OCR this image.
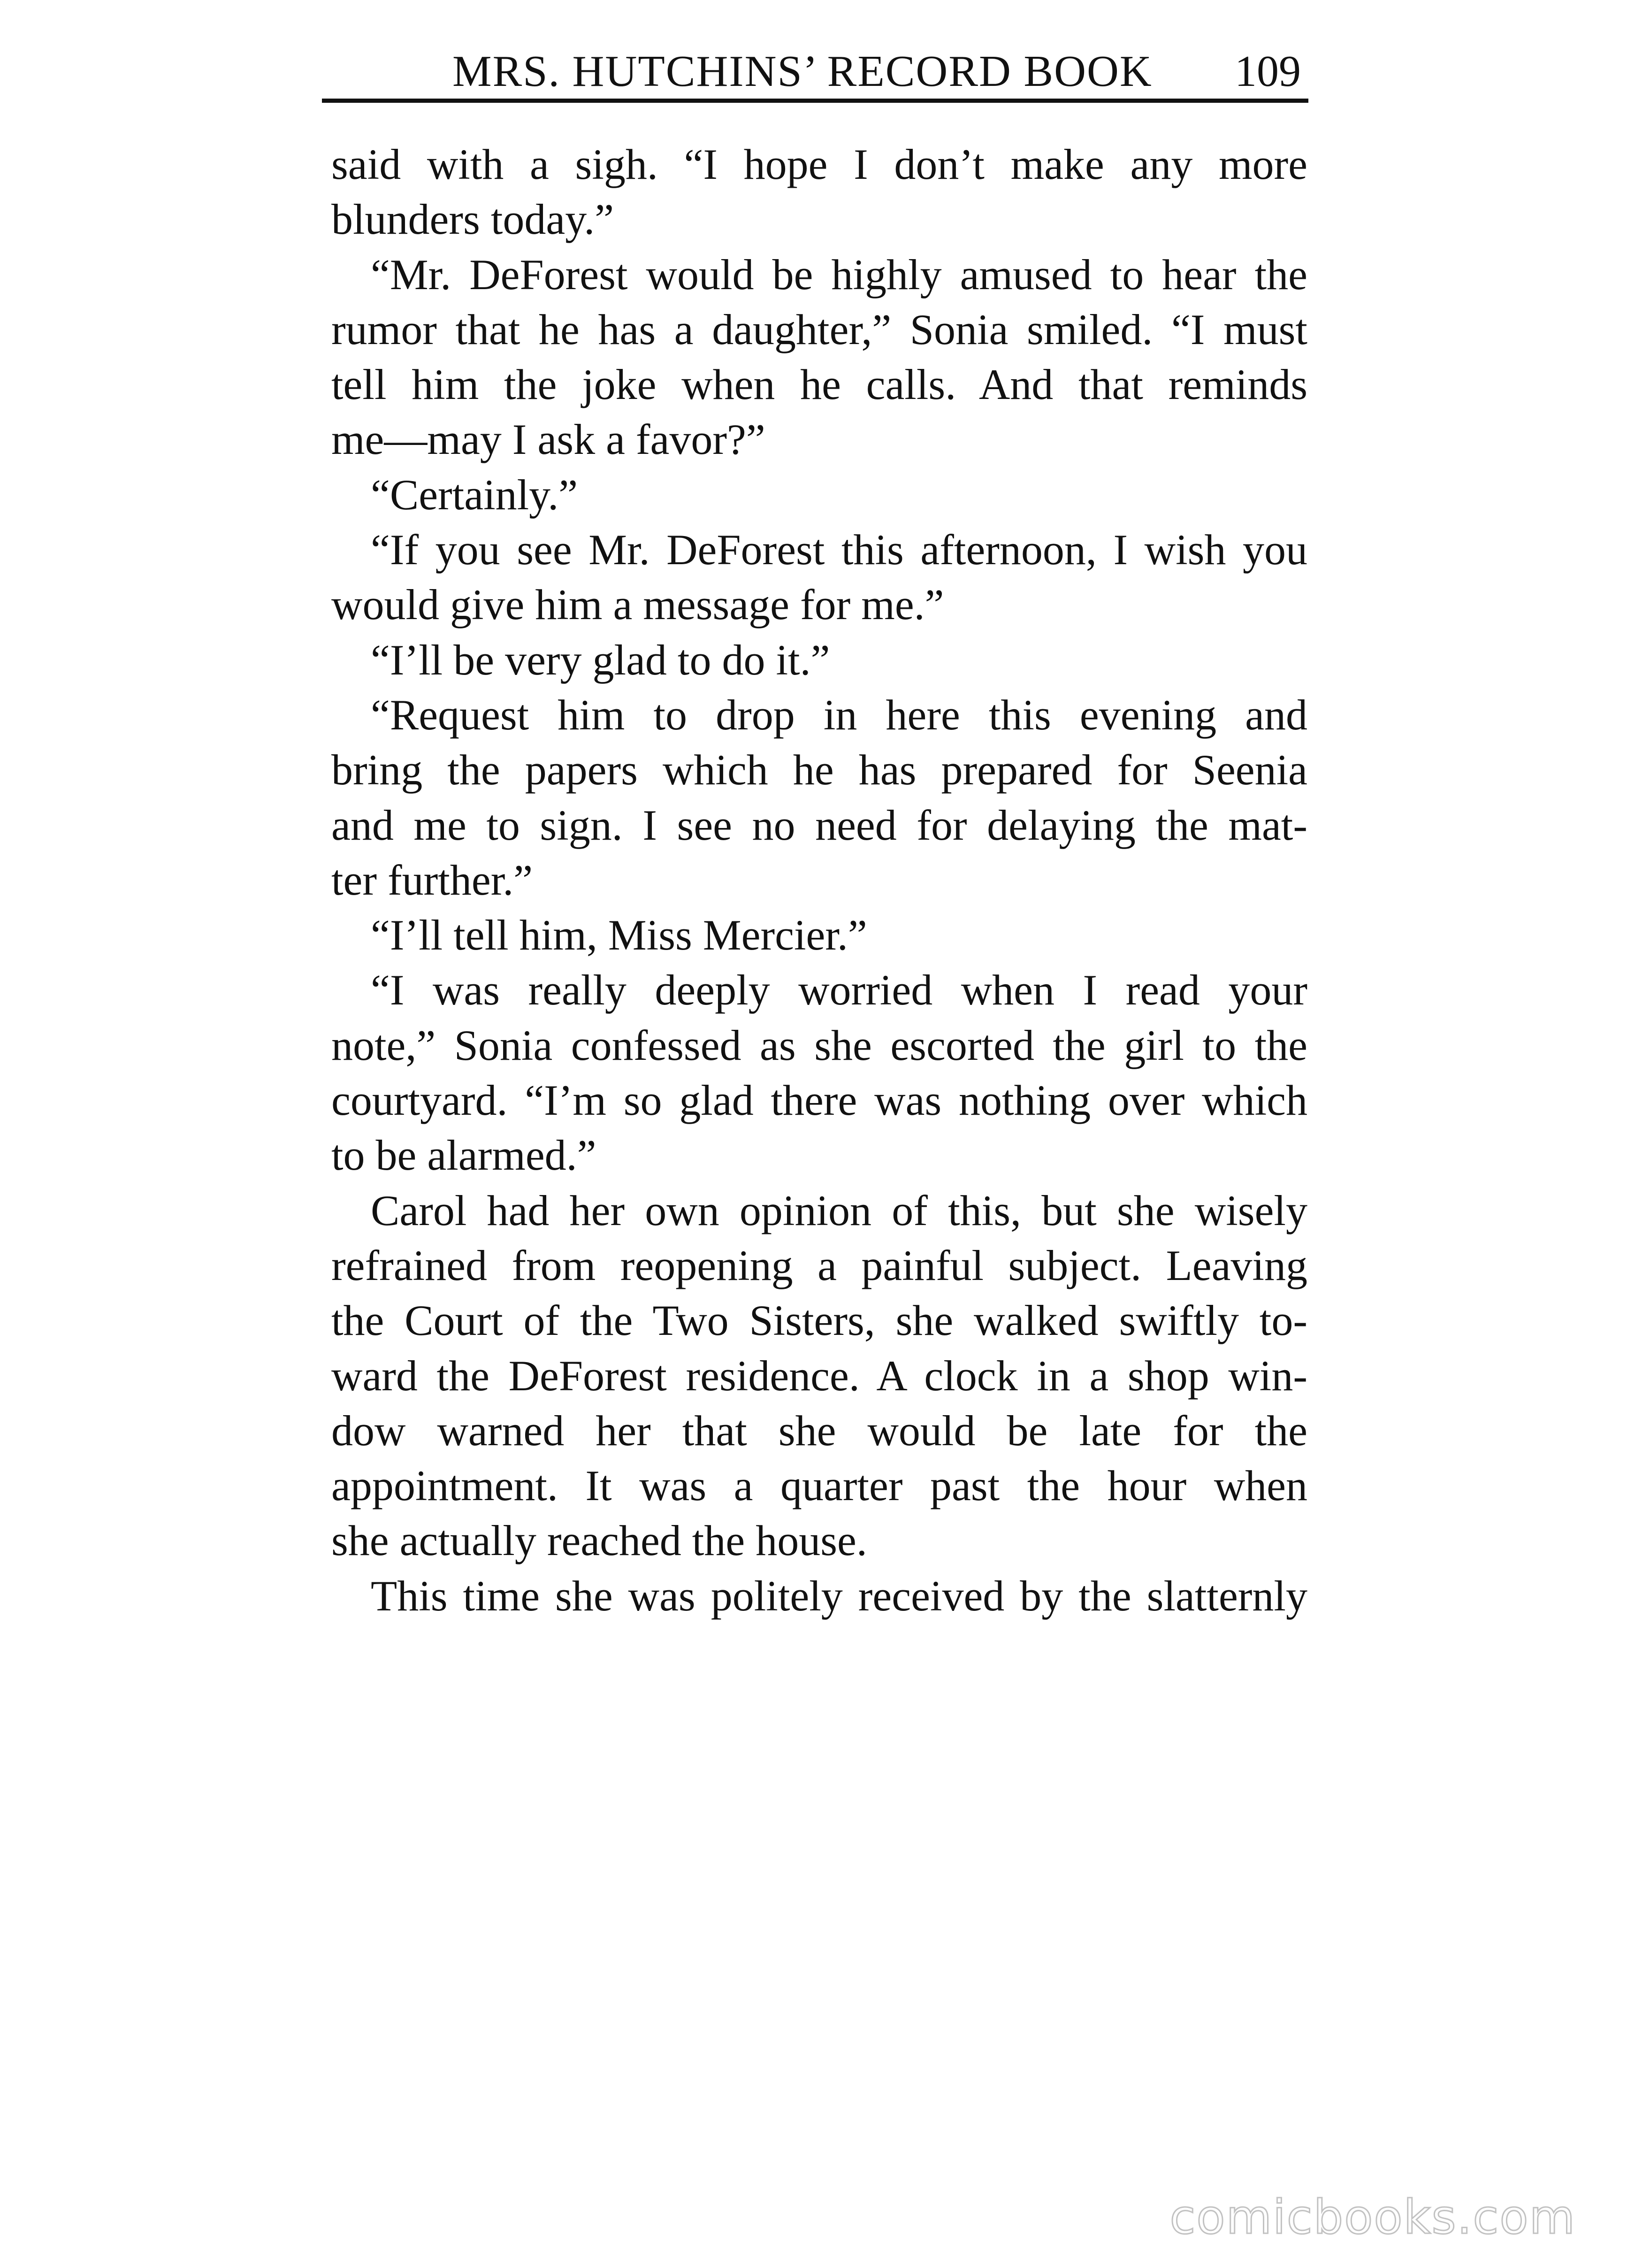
MRS. HUTCHINS’ RECORD BOOK 109
said with a sigh. “I hope I don’t make any more
blunders today.”
“Mr. DeForest would be highly amused to hear the
rumor that he has a daughter,” Sonia smiled. “I must
tell him the joke when he calls. And that reminds
me—may I ask a favor?”
“Certainly.”
“If you see Mr. DeForest this afternoon, I wish you
would give him a message for me.”
“I’ll be very glad to do it.”
“Request him to drop in here this evening and
bring the papers which he has prepared for Seenia
and me to sign. I see no need for delaying the mat-
ter further.”
“I’ll tell him, Miss Mercier.”
“I was really deeply worried when I read your
note,” Sonia confessed as she escorted the girl to the
courtyard. “I’m so glad there was nothing over which
to be alarmed.”
Carol had her own opinion of this, but she wisely
refrained from reopening a painful subject. Leaving
the Court of the Two Sisters, she walked swiftly to-
ward the DeForest residence. A clock in a shop win-
dow warned her that she would be late for the
appointment. It was a quarter past the hour when
she actually reached the house.
This time she was politely received by the slatternly
comicbooks.com
